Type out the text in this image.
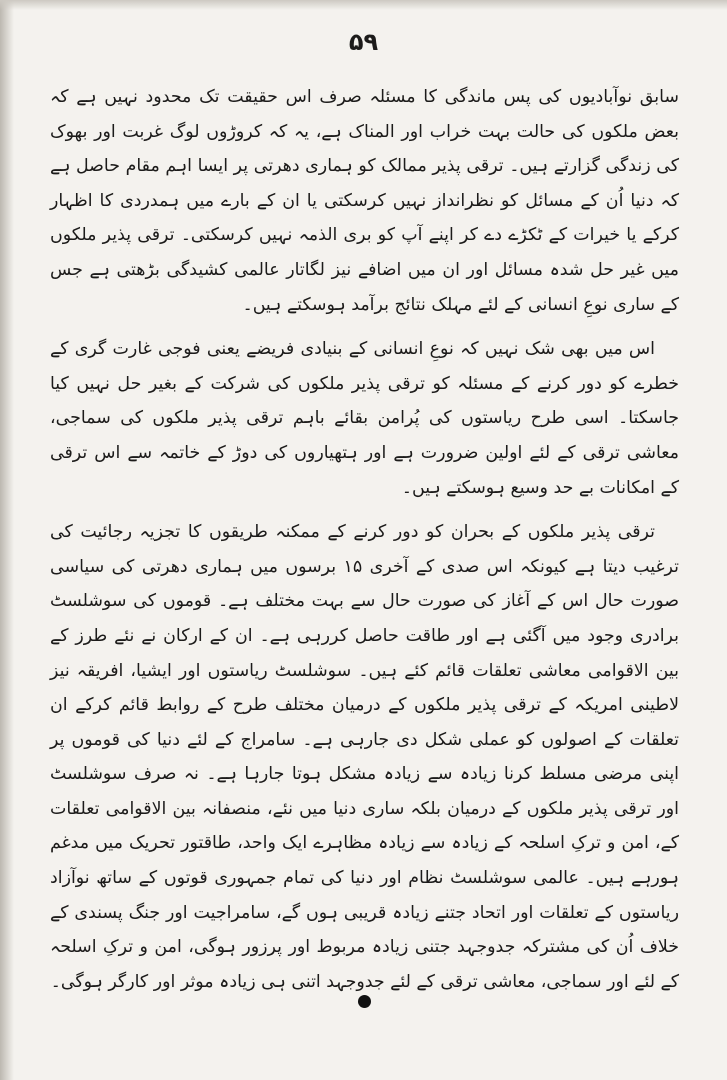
۵۹

سابق نوآبادیوں کی پس ماندگی کا مسئلہ صرف اس حقیقت تک محدود نہیں ہے کہ بعض ملکوں کی حالت بہت خراب اور المناک ہے، یہ کہ کروڑوں لوگ غربت اور بھوک کی زندگی گزارتے ہیں۔ ترقی پذیر ممالک کو ہماری دھرتی پر ایسا اہم مقام حاصل ہے کہ دنیا اُن کے مسائل کو نظرانداز نہیں کرسکتی یا ان کے بارے میں ہمدردی کا اظہار کرکے یا خیرات کے ٹکڑے دے کر اپنے آپ کو بری الذمہ نہیں کرسکتی۔ ترقی پذیر ملکوں میں غیر حل شدہ مسائل اور ان میں اضافے نیز لگاتار عالمی کشیدگی بڑھتی ہے جس کے ساری نوعِ انسانی کے لئے مہلک نتائج برآمد ہوسکتے ہیں۔

اس میں بھی شک نہیں کہ نوعِ انسانی کے بنیادی فریضے یعنی فوجی غارت گری کے خطرے کو دور کرنے کے مسئلہ کو ترقی پذیر ملکوں کی شرکت کے بغیر حل نہیں کیا جاسکتا۔ اسی طرح ریاستوں کی پُرامن بقائے باہم ترقی پذیر ملکوں کی سماجی، معاشی ترقی کے لئے اولین ضرورت ہے اور ہتھیاروں کی دوڑ کے خاتمہ سے اس ترقی کے امکانات بے حد وسیع ہوسکتے ہیں۔

ترقی پذیر ملکوں کے بحران کو دور کرنے کے ممکنہ طریقوں کا تجزیہ رجائیت کی ترغیب دیتا ہے کیونکہ اس صدی کے آخری ۱۵ برسوں میں ہماری دھرتی کی سیاسی صورت حال اس کے آغاز کی صورت حال سے بہت مختلف ہے۔ قوموں کی سوشلسٹ برادری وجود میں آگئی ہے اور طاقت حاصل کررہی ہے۔ ان کے ارکان نے نئے طرز کے بین الاقوامی معاشی تعلقات قائم کئے ہیں۔ سوشلسٹ ریاستوں اور ایشیا، افریقہ نیز لاطینی امریکہ کے ترقی پذیر ملکوں کے درمیان مختلف طرح کے روابط قائم کرکے ان تعلقات کے اصولوں کو عملی شکل دی جارہی ہے۔ سامراج کے لئے دنیا کی قوموں پر اپنی مرضی مسلط کرنا زیادہ سے زیادہ مشکل ہوتا جارہا ہے۔ نہ صرف سوشلسٹ اور ترقی پذیر ملکوں کے درمیان بلکہ ساری دنیا میں نئے، منصفانہ بین الاقوامی تعلقات کے، امن و ترکِ اسلحہ کے زیادہ سے زیادہ مظاہرے ایک واحد، طاقتور تحریک میں مدغم ہورہے ہیں۔ عالمی سوشلسٹ نظام اور دنیا کی تمام جمہوری قوتوں کے ساتھ نوآزاد ریاستوں کے تعلقات اور اتحاد جتنے زیادہ قریبی ہوں گے، سامراجیت اور جنگ پسندی کے خلاف اُن کی مشترکہ جدوجہد جتنی زیادہ مربوط اور پرزور ہوگی، امن و ترکِ اسلحہ کے لئے اور سماجی، معاشی ترقی کے لئے جدوجہد اتنی ہی زیادہ موثر اور کارگر ہوگی۔
